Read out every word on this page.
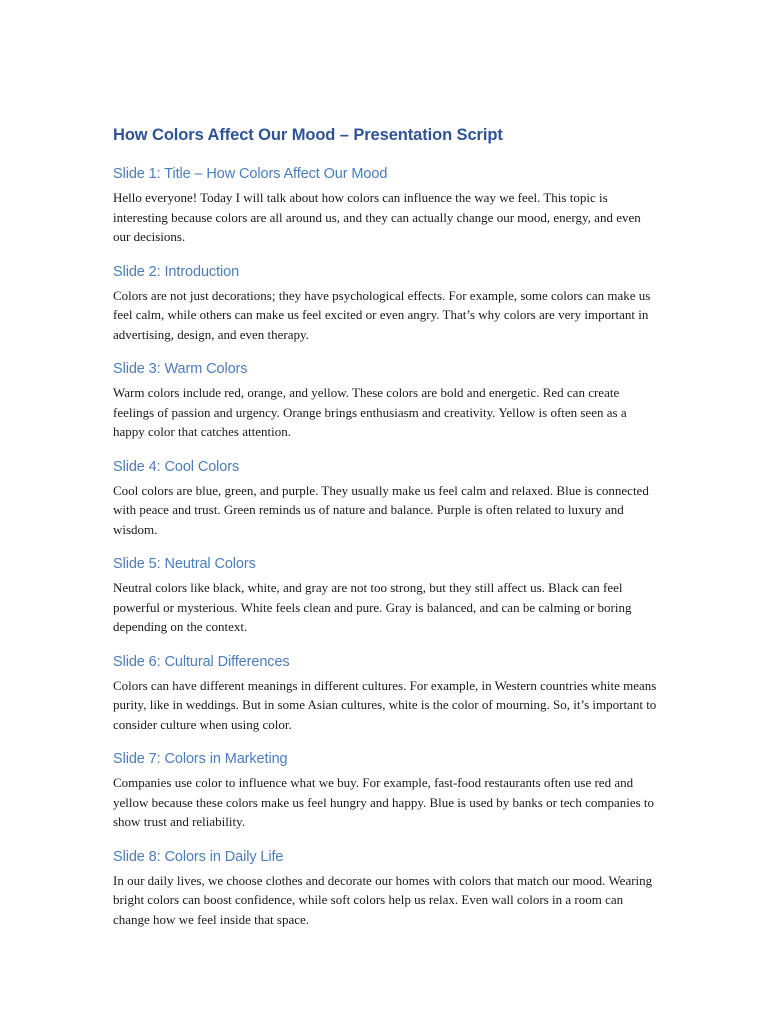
How Colors Affect Our Mood – Presentation Script
Slide 1: Title – How Colors Affect Our Mood

Hello everyone! Today I will talk about how colors can influence the way we feel. This topic is interesting because colors are all around us, and they can actually change our mood, energy, and even our decisions.

Slide 2: Introduction

Colors are not just decorations; they have psychological effects. For example, some colors can make us feel calm, while others can make us feel excited or even angry. That’s why colors are very important in advertising, design, and even therapy.

Slide 3: Warm Colors

Warm colors include red, orange, and yellow. These colors are bold and energetic. Red can create feelings of passion and urgency. Orange brings enthusiasm and creativity. Yellow is often seen as a happy color that catches attention.

Slide 4: Cool Colors

Cool colors are blue, green, and purple. They usually make us feel calm and relaxed. Blue is connected with peace and trust. Green reminds us of nature and balance. Purple is often related to luxury and wisdom.

Slide 5: Neutral Colors

Neutral colors like black, white, and gray are not too strong, but they still affect us. Black can feel powerful or mysterious. White feels clean and pure. Gray is balanced, and can be calming or boring depending on the context.

Slide 6: Cultural Differences

Colors can have different meanings in different cultures. For example, in Western countries white means purity, like in weddings. But in some Asian cultures, white is the color of mourning. So, it’s important to consider culture when using color.

Slide 7: Colors in Marketing

Companies use color to influence what we buy. For example, fast-food restaurants often use red and yellow because these colors make us feel hungry and happy. Blue is used by banks or tech companies to show trust and reliability.

Slide 8: Colors in Daily Life

In our daily lives, we choose clothes and decorate our homes with colors that match our mood. Wearing bright colors can boost confidence, while soft colors help us relax. Even wall colors in a room can change how we feel inside that space.
